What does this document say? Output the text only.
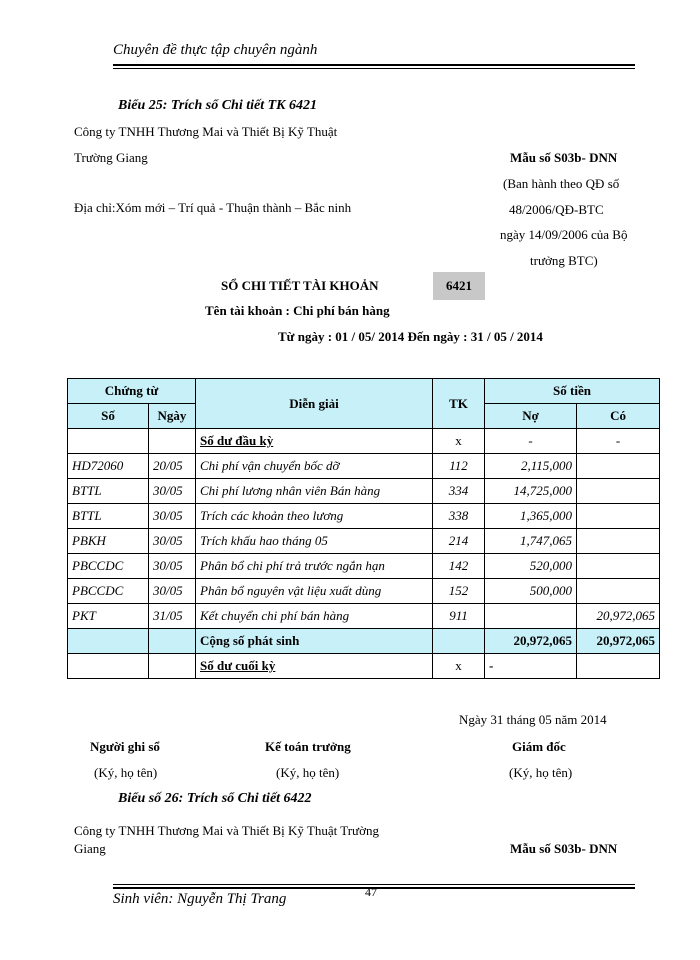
Chuyên đề thực tập chuyên ngành
Biểu 25: Trích sổ Chi tiết TK 6421
Công ty TNHH Thương Mai và Thiết Bị Kỹ Thuật
Trường Giang
Địa chỉ:Xóm mới – Trí quả - Thuận thành – Bắc ninh
Mẫu số S03b- DNN
(Ban hành theo QĐ số
48/2006/QĐ-BTC
ngày 14/09/2006 của Bộ
trưởng BTC)
SỔ CHI TIẾT TÀI KHOẢN	6421
Tên tài khoản : Chi phí bán hàng
Từ ngày : 01 / 05/ 2014 Đến ngày : 31 / 05 / 2014
Chứng từ		Diễn giải	TK	Số tiền	
Số	Ngày			Nợ	Có
		Số dư đầu kỳ	x	-	-
HD72060	20/05	Chi phí vận chuyển bốc dỡ	112	2,115,000	
BTTL	30/05	Chi phí lương nhân viên Bán hàng	334	14,725,000	
BTTL	30/05	Trích các khoản theo lương	338	1,365,000	
PBKH	30/05	Trích khấu hao tháng 05	214	1,747,065	
PBCCDC	30/05	Phân bổ chi phí trả trước ngắn hạn	142	520,000	
PBCCDC	30/05	Phân bổ nguyên vật liệu xuất dùng	152	500,000	
PKT	31/05	Kết chuyển chi phí bán hàng	911		20,972,065
		Cộng số phát sinh		20,972,065	20,972,065
		Số dư cuối kỳ	x	-	
Ngày 31 tháng 05 năm 2014
Người ghi sổ	Kế toán trưởng	Giám đốc
(Ký, họ tên)	(Ký, họ tên)	(Ký, họ tên)
Biểu số 26: Trích sổ Chi tiết 6422
Công ty TNHH Thương Mai và Thiết Bị Kỹ Thuật Trường
Giang	Mẫu số S03b- DNN
47
Sinh viên: Nguyễn Thị Trang
